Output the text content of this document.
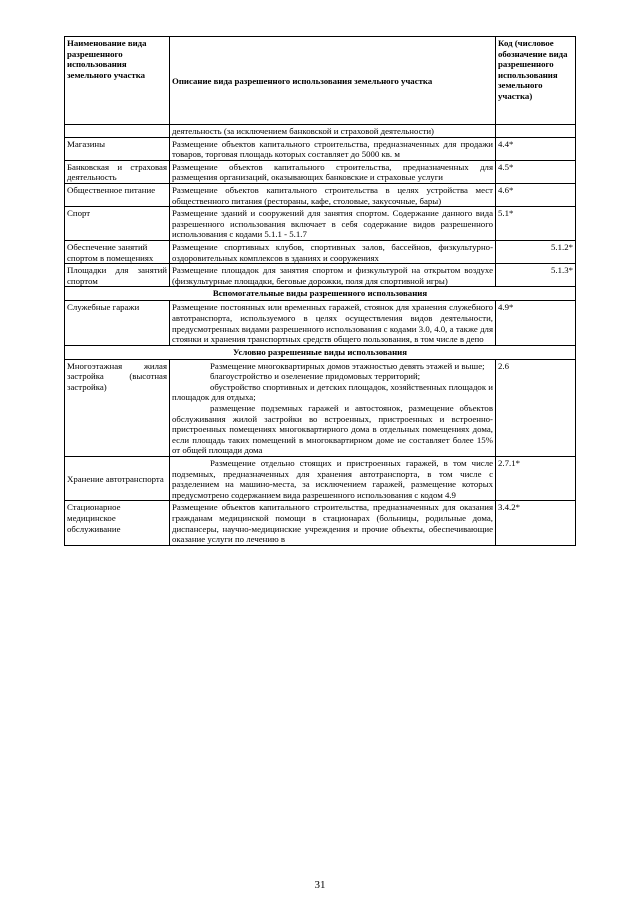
Наименование вида разрешенного использования земельного участка	Описание вида разрешенного использования земельного участка	Код (числовое обозначение вида разрешенного использования земельного участка)
	деятельность (за исключением банковской и страховой деятельности)	
Магазины	Размещение объектов капитального строительства, предназначенных для продажи товаров, торговая площадь которых составляет до 5000 кв. м	4.4*
Банковская и страховая деятельность	Размещение объектов капитального строительства, предназначенных для размещения организаций, оказывающих банковские и страховые услуги	4.5*
Общественное питание	Размещение объектов капитального строительства в целях устройства мест общественного питания (рестораны, кафе, столовые, закусочные, бары)	4.6*
Спорт	Размещение зданий и сооружений для занятия спортом. Содержание данного вида разрешенного использования включает в себя содержание видов разрешенного использования с кодами 5.1.1 - 5.1.7	5.1*
Обеспечение занятий спортом в помещениях	Размещение спортивных клубов, спортивных залов, бассейнов, физкультурно-оздоровительных комплексов в зданиях и сооружениях	5.1.2*
Площадки для занятий спортом	Размещение площадок для занятия спортом и физкультурой на открытом воздухе (физкультурные площадки, беговые дорожки, поля для спортивной игры)	5.1.3*
Вспомогательные виды разрешенного использования		
Служебные гаражи	Размещение постоянных или временных гаражей, стоянок для хранения служебного автотранспорта, используемого в целях осуществления видов деятельности, предусмотренных видами разрешенного использования с кодами 3.0, 4.0, а также для стоянки и хранения транспортных средств общего пользования, в том числе в депо	4.9*
Условно разрешенные виды использования		
Многоэтажная жилая застройка (высотная застройка)	Размещение многоквартирных домов этажностью девять этажей и выше;

благоустройство и озеленение придомовых территорий;

обустройство спортивных и детских площадок, хозяйственных площадок и площадок для отдыха;

размещение подземных гаражей и автостоянок, размещение объектов обслуживания жилой застройки во встроенных, пристроенных и встроенно-пристроенных помещениях многоквартирного дома в отдельных помещениях дома, если площадь таких помещений в многоквартирном доме не составляет более 15% от общей площади дома	2.6
Хранение автотранспорта	Размещение отдельно стоящих и пристроенных гаражей, в том числе подземных, предназначенных для хранения автотранспорта, в том числе с разделением на машино-места, за исключением гаражей, размещение которых предусмотрено содержанием вида разрешенного использования с кодом 4.9	2.7.1*
Стационарное медицинское обслуживание	Размещение объектов капитального строительства, предназначенных для оказания гражданам медицинской помощи в стационарах (больницы, родильные дома, диспансеры, научно-медицинские учреждения и прочие объекты, обеспечивающие оказание услуги по лечению в	3.4.2*
31
